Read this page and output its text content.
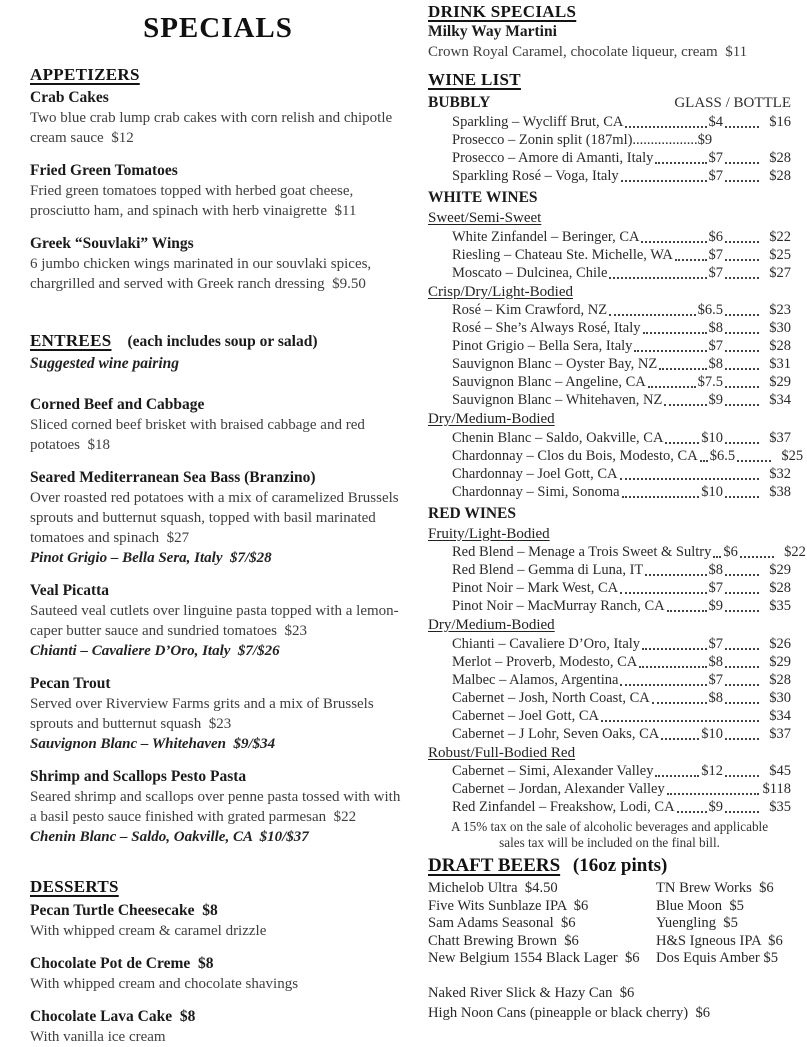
SPECIALS
APPETIZERS
Crab Cakes
Two blue crab lump crab cakes with corn relish and chipotle cream sauce  $12
Fried Green Tomatoes
Fried green tomatoes topped with herbed goat cheese, prosciutto ham, and spinach with herb vinaigrette  $11
Greek “Souvlaki” Wings
6 jumbo chicken wings marinated in our souvlaki spices, chargrilled and served with Greek ranch dressing  $9.50
ENTREES (each includes soup or salad)
Suggested wine pairing
Corned Beef and Cabbage
Sliced corned beef brisket with braised cabbage and red potatoes  $18
Seared Mediterranean Sea Bass (Branzino)
Over roasted red potatoes with a mix of caramelized Brussels sprouts and butternut squash, topped with basil marinated tomatoes and spinach  $27
Pinot Grigio – Bella Sera, Italy  $7/$28
Veal Picatta
Sauteed veal cutlets over linguine pasta topped with a lemon-caper butter sauce and sundried tomatoes  $23
Chianti – Cavaliere D’Oro, Italy  $7/$26
Pecan Trout
Served over Riverview Farms grits and a mix of Brussels sprouts and butternut squash  $23
Sauvignon Blanc – Whitehaven  $9/$34
Shrimp and Scallops Pesto Pasta
Seared shrimp and scallops over penne pasta tossed with with a basil pesto sauce finished with grated parmesan  $22
Chenin Blanc – Saldo, Oakville, CA  $10/$37
DESSERTS
Pecan Turtle Cheesecake  $8
With whipped cream & caramel drizzle
Chocolate Pot de Creme  $8
With whipped cream and chocolate shavings
Chocolate Lava Cake  $8
With vanilla ice cream
DRINK SPECIALS
Milky Way Martini
Crown Royal Caramel, chocolate liqueur, cream  $11
WINE LIST
BUBBLY	GLASS / BOTTLE
Sparkling – Wycliff Brut, CA	$4	$16
Prosecco – Zonin split (187ml).................. $9
Prosecco – Amore di Amanti, Italy	$7	$28
Sparkling Rosé – Voga, Italy	$7	$28
WHITE WINES
Sweet/Semi-Sweet
White Zinfandel – Beringer, CA	$6	$22
Riesling – Chateau Ste. Michelle, WA $7	$25
Moscato – Dulcinea, Chile	$7	$27
Crisp/Dry/Light-Bodied
Rosé – Kim Crawford, NZ	$6.5	$23
Rosé – She’s Always Rosé, Italy	$8	$30
Pinot Grigio – Bella Sera, Italy	$7	$28
Sauvignon Blanc – Oyster Bay, NZ	$8	$31
Sauvignon Blanc – Angeline, CA	$7.5	$29
Sauvignon Blanc – Whitehaven, NZ	$9	$34
Dry/Medium-Bodied
Chenin Blanc – Saldo, Oakville, CA	$10	$37
Chardonnay – Clos du Bois, Modesto, CA $6.5	$25
Chardonnay – Joel Gott, CA	$32
Chardonnay – Simi, Sonoma	$10	$38
RED WINES
Fruity/Light-Bodied
Red Blend – Menage a Trois Sweet & Sultry $6	$22
Red Blend – Gemma di Luna, IT	$8	$29
Pinot Noir – Mark West, CA	$7	$28
Pinot Noir – MacMurray Ranch, CA	$9	$35
Dry/Medium-Bodied
Chianti – Cavaliere D’Oro, Italy	$7	$26
Merlot – Proverb, Modesto, CA	$8	$29
Malbec – Alamos, Argentina	$7	$28
Cabernet – Josh, North Coast, CA	$8	$30
Cabernet – Joel Gott, CA	$34
Cabernet – J Lohr, Seven Oaks, CA	$10	$37
Robust/Full-Bodied Red
Cabernet – Simi, Alexander Valley	$12	$45
Cabernet – Jordan, Alexander Valley	$118
Red Zinfandel – Freakshow, Lodi, CA $9	$35
A 15% tax on the sale of alcoholic beverages and applicable sales tax will be included on the final bill.
DRAFT BEERS (16oz pints)
Michelob Ultra  $4.50
Five Wits Sunblaze IPA  $6
Sam Adams Seasonal  $6
Chatt Brewing Brown  $6
New Belgium 1554 Black Lager  $6
TN Brew Works  $6
Blue Moon  $5
Yuengling  $5
H&S Igneous IPA  $6
Dos Equis Amber $5
Naked River Slick & Hazy Can  $6
High Noon Cans (pineapple or black cherry)  $6
